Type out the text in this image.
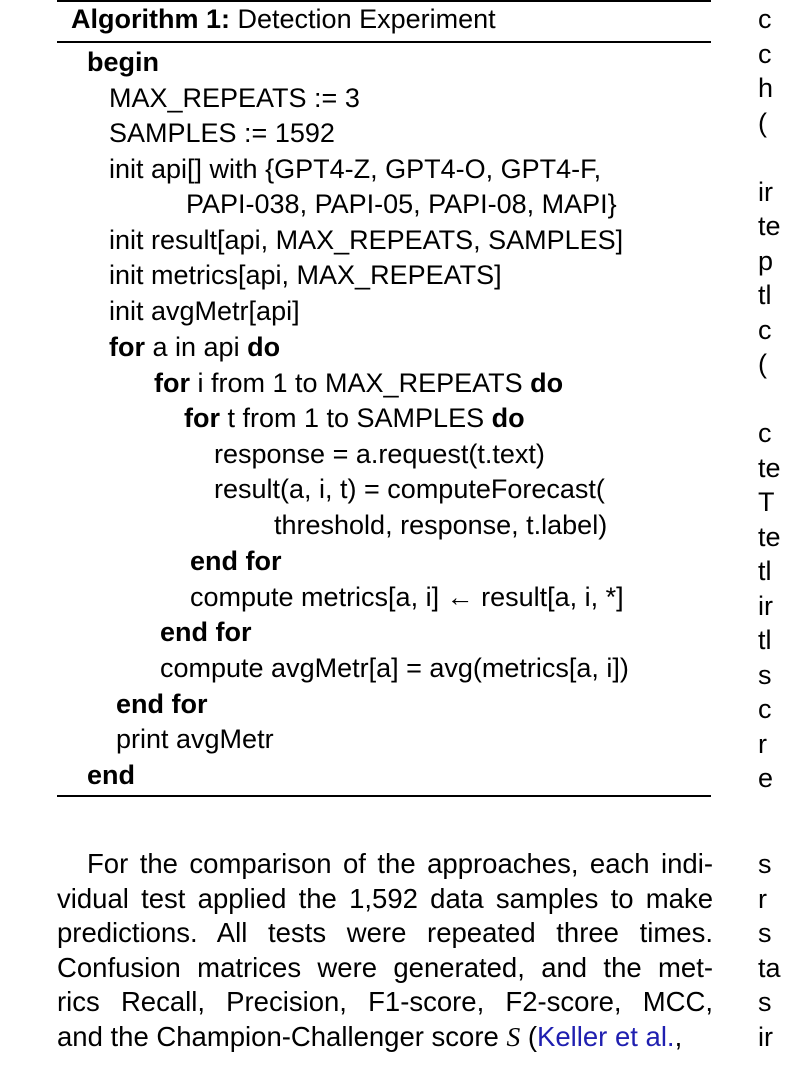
Algorithm 1: Detection Experiment
begin
MAX_REPEATS := 3
SAMPLES := 1592
init api[] with {GPT4-Z, GPT4-O, GPT4-F,
PAPI-038, PAPI-05, PAPI-08, MAPI}
init result[api, MAX_REPEATS, SAMPLES]
init metrics[api, MAX_REPEATS]
init avgMetr[api]
for a in api do
for i from 1 to MAX_REPEATS do
for t from 1 to SAMPLES do
response = a.request(t.text)
result(a, i, t) = computeForecast(
threshold, response, t.label)
end for
compute metrics[a, i] ← result[a, i, *]
end for
compute avgMetr[a] = avg(metrics[a, i])
end for
print avgMetr
end
For the comparison of the approaches, each indi-
vidual test applied the 1,592 data samples to make
predictions. All tests were repeated three times.
Confusion matrices were generated, and the met-
rics Recall, Precision, F1-score, F2-score, MCC,
and the Champion-Challenger score S (Keller et al.,
c
c
h
(

ir
te
p
tl
c
(

c
te
T
te
tl
ir
tl
s
c
r
e
s
r
s
ta
s
ir
